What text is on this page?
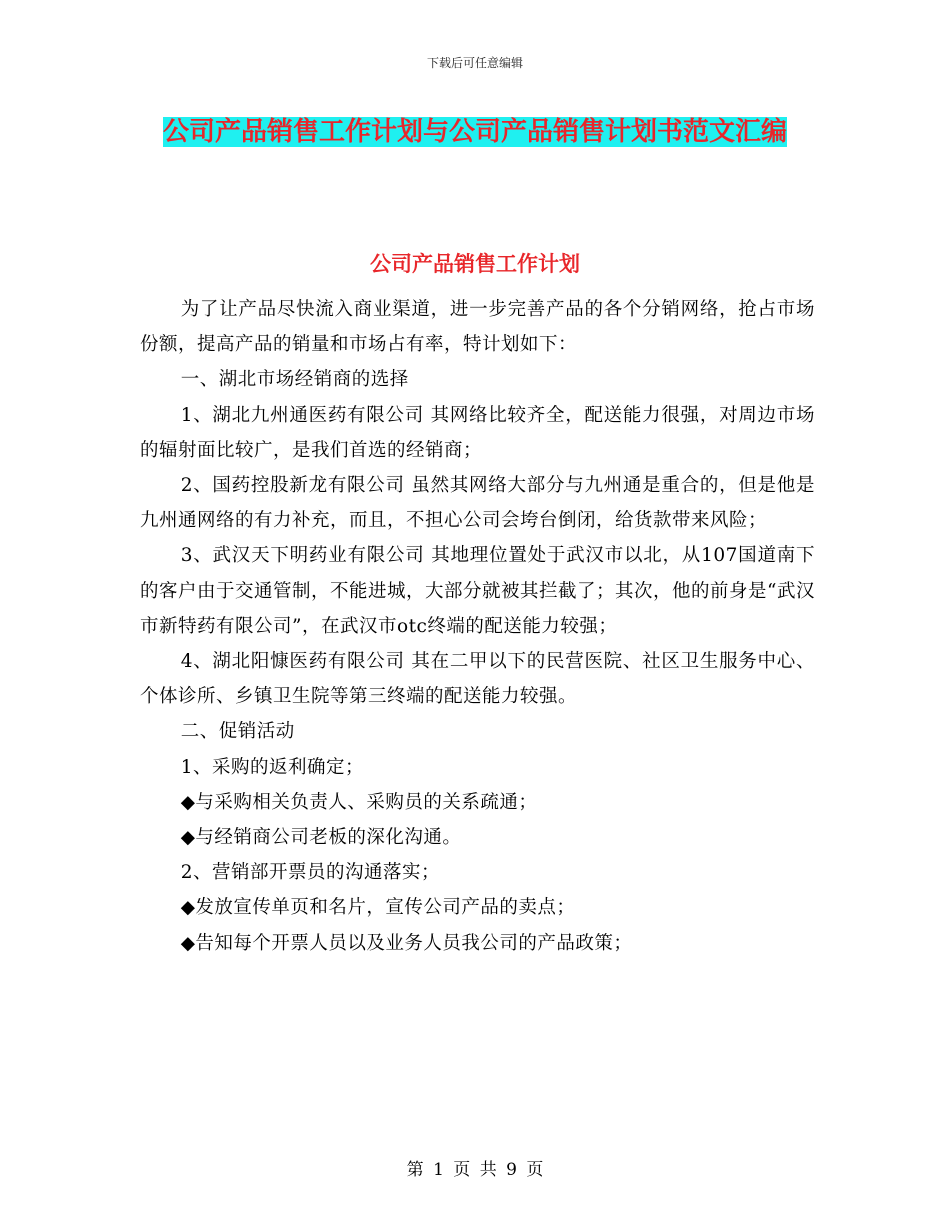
下载后可任意编辑
公司产品销售工作计划与公司产品销售计划书范文汇编
公司产品销售工作计划

为了让产品尽快流入商业渠道，进一步完善产品的各个分销网络，抢占市场份额，提高产品的销量和市场占有率，特计划如下：

一、湖北市场经销商的选择

1、湖北九州通医药有限公司 其网络比较齐全，配送能力很强，对周边市场的辐射面比较广，是我们首选的经销商；

2、国药控股新龙有限公司 虽然其网络大部分与九州通是重合的，但是他是九州通网络的有力补充，而且，不担心公司会垮台倒闭，给货款带来风险；

3、武汉天下明药业有限公司 其地理位置处于武汉市以北，从107国道南下的客户由于交通管制，不能进城，大部分就被其拦截了；其次，他的前身是“武汉市新特药有限公司”，在武汉市otc终端的配送能力较强；

4、湖北阳慷医药有限公司 其在二甲以下的民营医院、社区卫生服务中心、个体诊所、乡镇卫生院等第三终端的配送能力较强。

二、促销活动

1、采购的返利确定；

◆与采购相关负责人、采购员的关系疏通；

◆与经销商公司老板的深化沟通。

2、营销部开票员的沟通落实；

◆发放宣传单页和名片，宣传公司产品的卖点；

◆告知每个开票人员以及业务人员我公司的产品政策；

第 1 页 共 9 页
